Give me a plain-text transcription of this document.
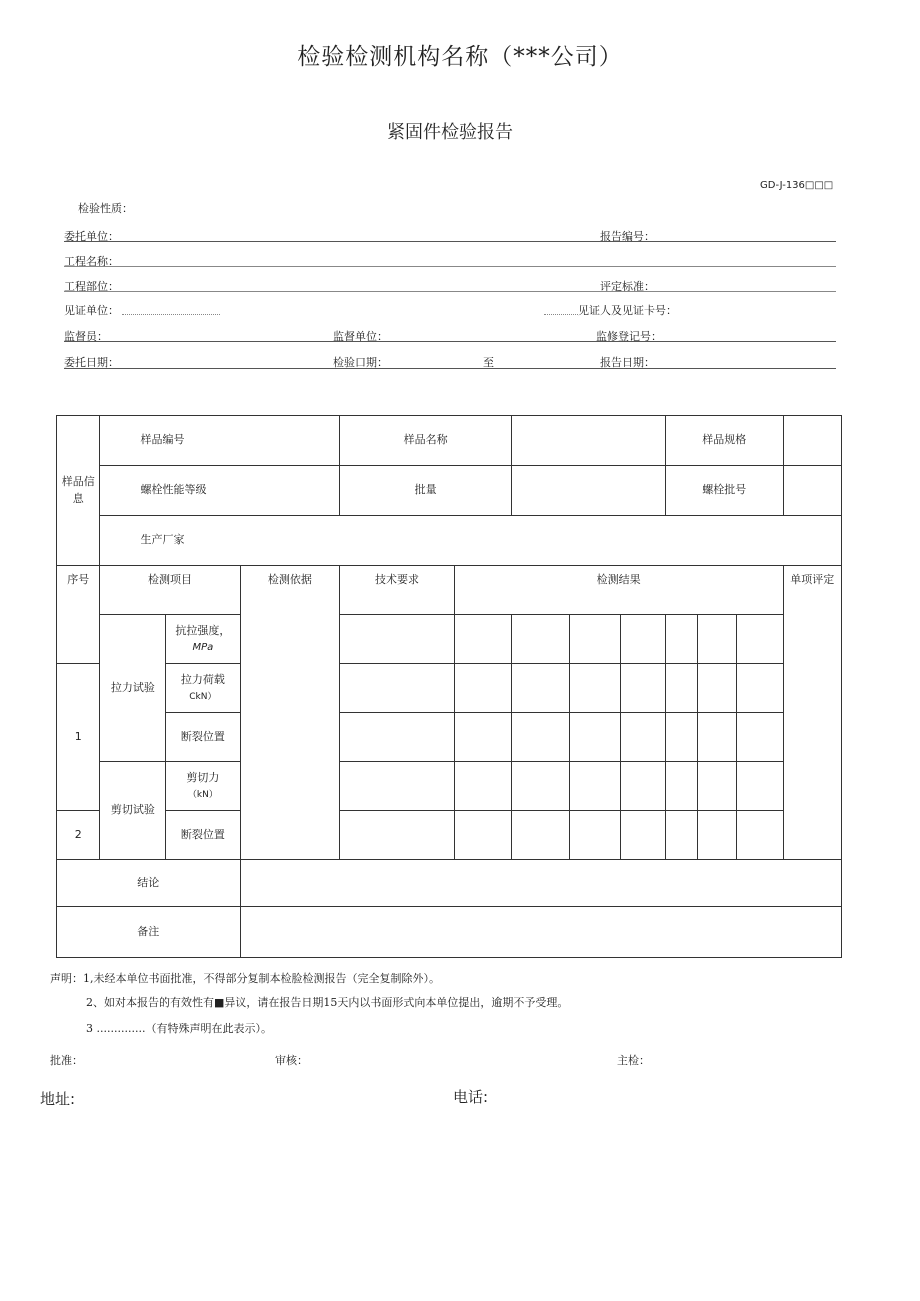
检验检测机构名称（***公司）
紧固件检验报告
GD-J-136□□□
检验性质：
委托单位：	报告编号：
工程名称：
工程部位：	评定标准：
见证单位：	见证人及见证卡号：
监督员：	监督单位：	监修登记号：
委托日期：	检验口期：	至	报告日期：
样品信息	样品编号			样品名称					样品规格			
	螺栓性能等级			批量					螺栓批号			
	生产厂家											
序号	检测项目		检测依据	技术要求	检测结果							单项评定
	拉力试验	抗拉强度，
MPa										
1		拉力荷载
CkN）										
		断裂位置										
	剪切试验	剪切力
（kN）										
2		断裂位置										
结论												
备注												
声明：1,未经本单位书面批准，不得部分复制本检脸检测报告（完全复制除外）。
2、如对本报告的有效性有■异议，请在报告日期15天内以书面形式向本单位提出，逾期不予受理。
3 ..............（有特殊声明在此表示）。
批准：	审核：	主检：
地址:	电话:
